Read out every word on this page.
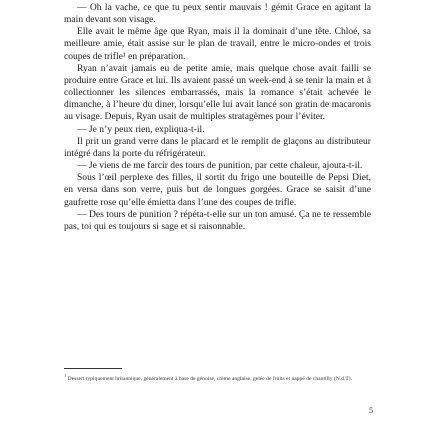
— Oh la vache, ce que tu peux sentir mauvais ! gémit Grace en agitant la main devant son visage.

Elle avait le même âge que Ryan, mais il la dominait d’une tête. Chloé, sa meilleure amie, était assise sur le plan de travail, entre le micro-ondes et trois coupes de trifle¹ en préparation.

Ryan n’avait jamais eu de petite amie, mais quelque chose avait failli se produire entre Grace et lui. Ils avaient passé un week-end à se tenir la main et à collectionner les silences embarrassés, mais la romance s’était achevée le dimanche, à l’heure du diner, lorsqu’elle lui avait lancé son gratin de macaronis au visage. Depuis, Ryan usait de multiples stratagèmes pour l’éviter.

— Je n’y peux rien, expliqua-t-il.

Il prit un grand verre dans le placard et le remplit de glaçons au distributeur intégré dans la porte du réfrigérateur.

— Je viens de me farcir des tours de punition, par cette chaleur, ajouta-t-il.

Sous l’œil perplexe des filles, il sortit du frigo une bouteille de Pepsi Diet, en versa dans son verre, puis but de longues gorgées. Grace se saisit d’une gaufrette rose qu’elle émietta dans l’une des coupes de trifle.

— Des tours de punition ? répéta-t-elle sur un ton amusé. Ça ne te ressemble pas, toi qui es toujours si sage et si raisonnable.

$^1$ Dessert typiquement britannique, généralement à base de génoise, crème anglaise, gelée de fruits et nappé de chantilly (N.d.T).

5
